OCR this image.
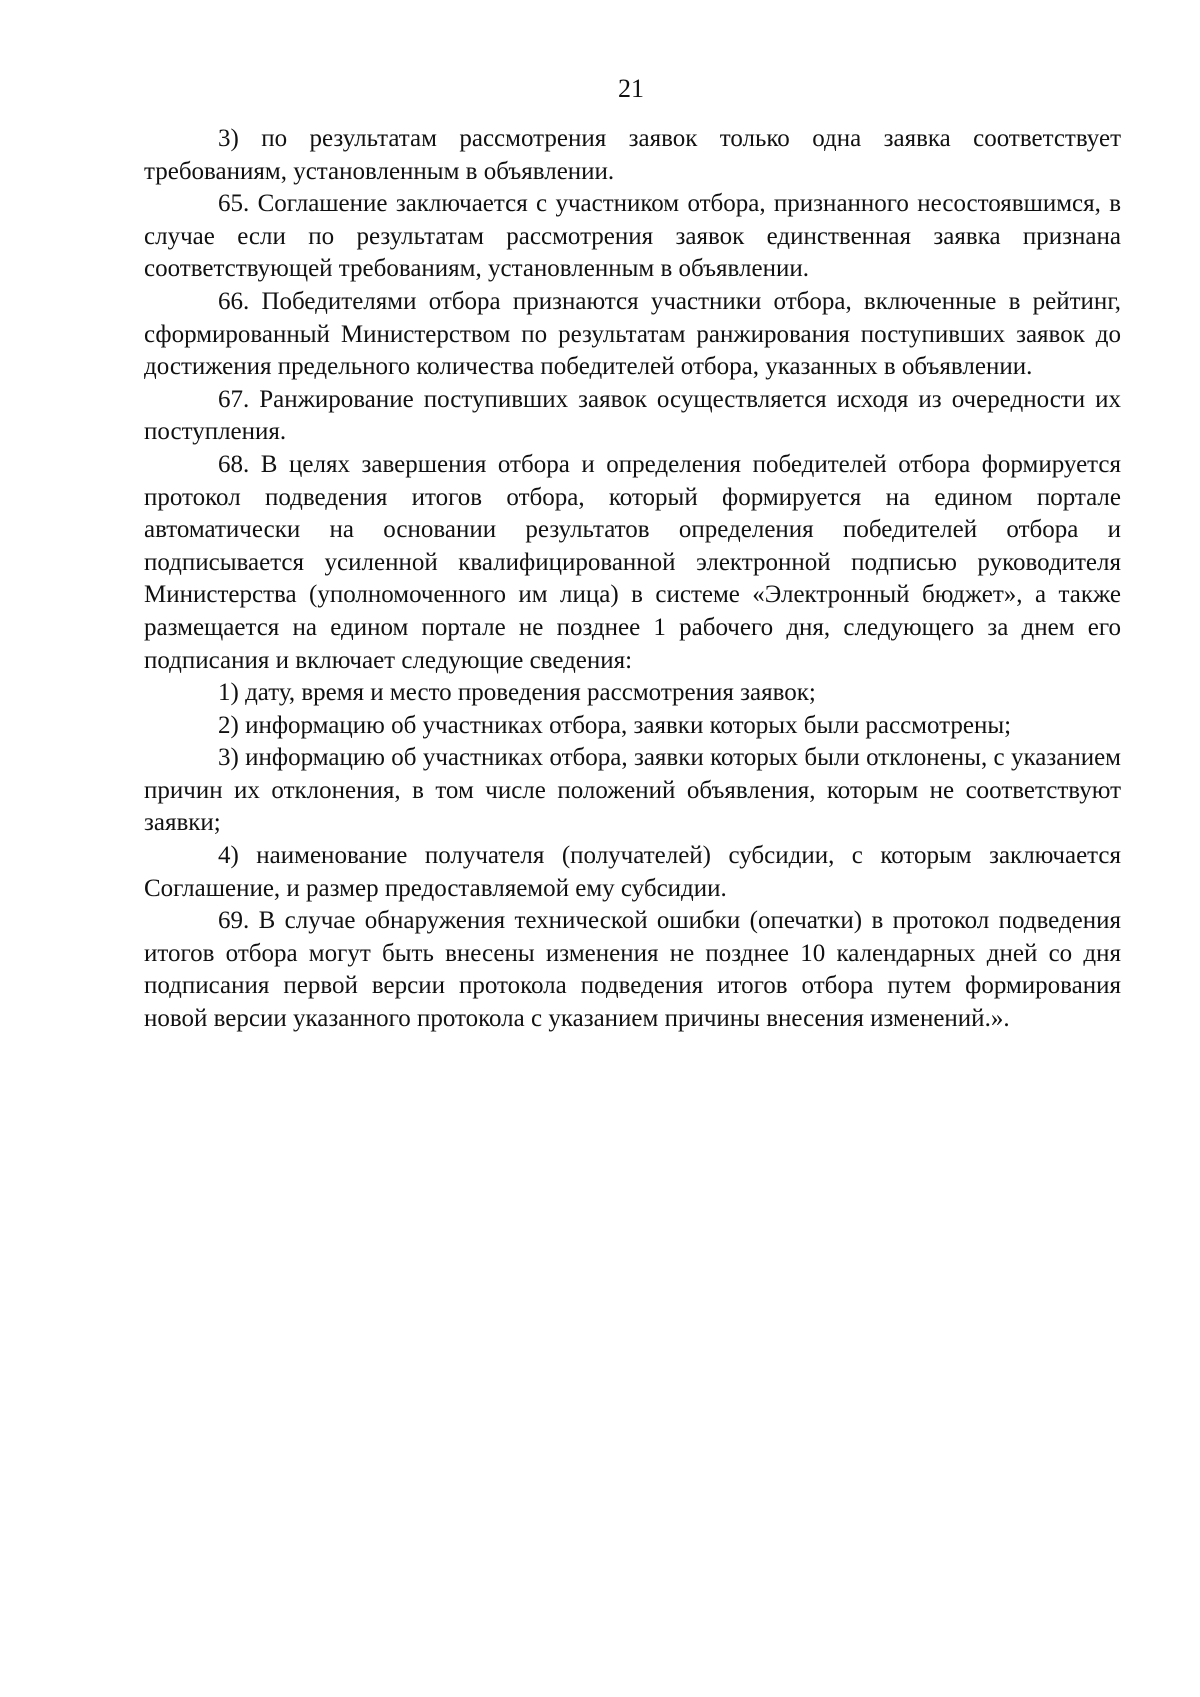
21

3) по результатам рассмотрения заявок только одна заявка соответствует требованиям, установленным в объявлении.

65. Соглашение заключается с участником отбора, признанного несостоявшимся, в случае если по результатам рассмотрения заявок единственная заявка признана соответствующей требованиям, установленным в объявлении.

66. Победителями отбора признаются участники отбора, включенные в рейтинг, сформированный Министерством по результатам ранжирования поступивших заявок до достижения предельного количества победителей отбора, указанных в объявлении.

67. Ранжирование поступивших заявок осуществляется исходя из очередности их поступления.

68. В целях завершения отбора и определения победителей отбора формируется протокол подведения итогов отбора, который формируется на едином портале автоматически на основании результатов определения победителей отбора и подписывается усиленной квалифицированной электронной подписью руководителя Министерства (уполномоченного им лица) в системе «Электронный бюджет», а также размещается на едином портале не позднее 1 рабочего дня, следующего за днем его подписания и включает следующие сведения:

1) дату, время и место проведения рассмотрения заявок;

2) информацию об участниках отбора, заявки которых были рассмотрены;

3) информацию об участниках отбора, заявки которых были отклонены, с указанием причин их отклонения, в том числе положений объявления, которым не соответствуют заявки;

4) наименование получателя (получателей) субсидии, с которым заключается Соглашение, и размер предоставляемой ему субсидии.

69. В случае обнаружения технической ошибки (опечатки) в протокол подведения итогов отбора могут быть внесены изменения не позднее 10 календарных дней со дня подписания первой версии протокола подведения итогов отбора путем формирования новой версии указанного протокола с указанием причины внесения изменений.».
